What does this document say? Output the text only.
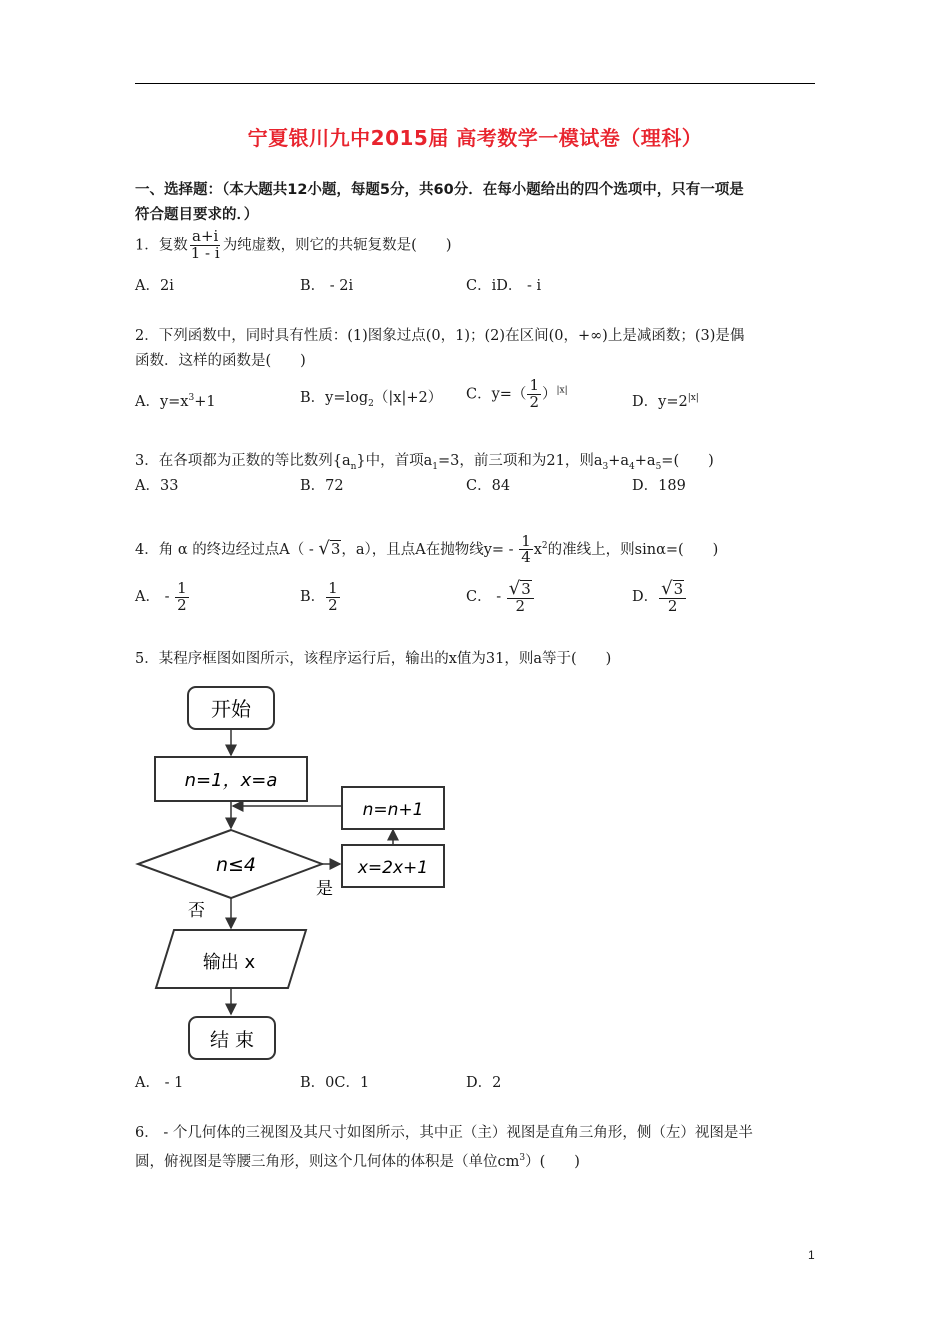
宁夏银川九中2015届 高考数学一模试卷（理科）
一、选择题：（本大题共12小题，每题5分，共60分．在每小题给出的四个选项中，只有一项是
符合题目要求的．）
1．复数 $\frac{a+i}{1 - i}$ 为纯虚数，则它的共轭复数是(　　)
A．2i	B． - 2i	C．iD． - i
2．下列函数中，同时具有性质：(1)图象过点(0，1)；(2)在区间(0，+∞)上是减函数；(3)是偶
函数．这样的函数是(　　)
A．$y=x^3+1$	B．$y=\log_2(|x|+2)$ C．$y=( \frac{1}{2} )^{|x|}$
D．$y=2^{|x|}$
3．在各项都为正数的等比数列$\{a_n\}$中，首项$a_1=3$，前三项和为21，则$a_3+a_4+a_5=$(　　)
A．33	B．72	C．84	D．189
4．角 α 的终边经过点A（ - √ 3 ，a），且点A在抛物线$y= - \frac{1}{4} x^2$的准线上，则sinα=(　　)
A． - $\frac{1}{2}$	B． $\frac{1}{2}$	C． - $\frac{√ 3}{2}$	D． $\frac{√ 3}{2}$
5．某程序框图如图所示，该程序运行后，输出的x值为31，则a等于(　　)
开始
n=1，x=a
n≤4
是
x=2x+1
n=n+1
否
输出 x
结 束
A． - 1	B．0C．1	D．2
6． - 个几何体的三视图及其尺寸如图所示，其中正（主）视图是直角三角形，侧（左）视图是半
圆，俯视图是等腰三角形，则这个几何体的体积是（单位$cm^3$）(　　)
1
